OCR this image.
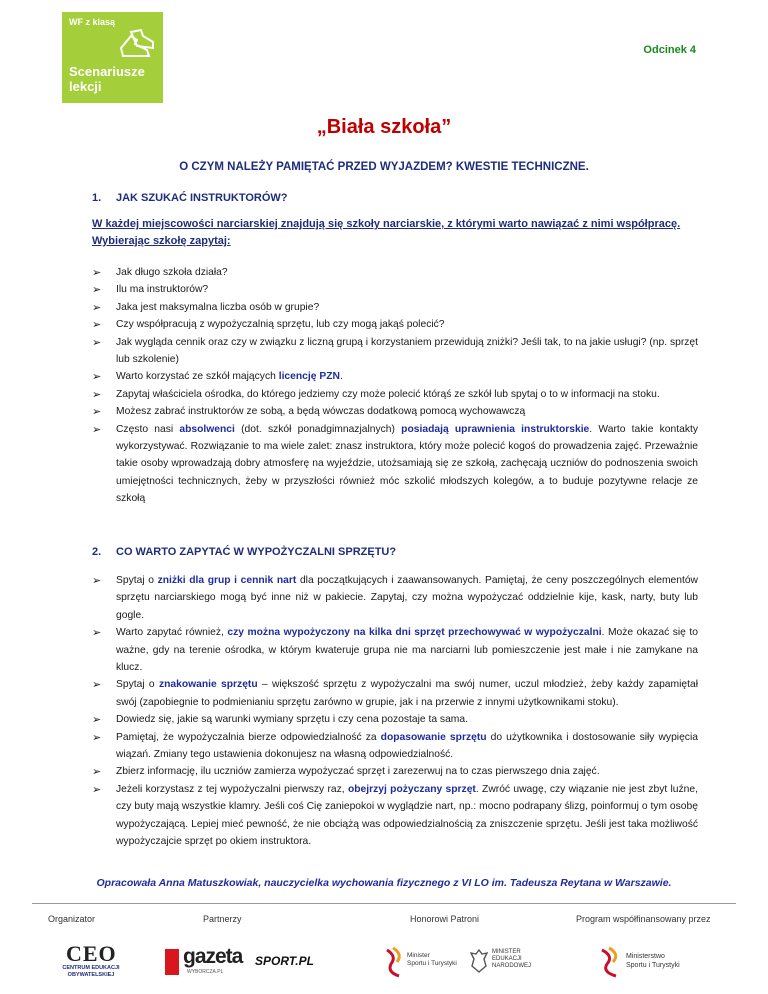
WF z klasą
Scenariusze
lekcji
Odcinek 4
„Biała szkoła”
O CZYM NALEŻY PAMIĘTAĆ PRZED WYJAZDEM? KWESTIE TECHNICZNE.
1. JAK SZUKAĆ INSTRUKTORÓW?
W każdej miejscowości narciarskiej znajdują się szkoły narciarskie, z którymi warto nawiązać z nimi współpracę. Wybierając szkołę zapytaj:
➢ Jak długo szkoła działa?
➢ Ilu ma instruktorów?
➢ Jaka jest maksymalna liczba osób w grupie?
➢ Czy współpracują z wypożyczalnią sprzętu, lub czy mogą jakąś polecić?
➢ Jak wygląda cennik oraz czy w związku z liczną grupą i korzystaniem przewidują zniżki? Jeśli tak, to na jakie usługi? (np. sprzęt lub szkolenie)
➢ Warto korzystać ze szkół mających licencję PZN.
➢ Zapytaj właściciela ośrodka, do którego jedziemy czy może polecić którąś ze szkół lub spytaj o to w informacji na stoku.
➢ Możesz zabrać instruktorów ze sobą, a będą wówczas dodatkową pomocą wychowawczą
➢ Często nasi absolwenci (dot. szkół ponadgimnazjalnych) posiadają uprawnienia instruktorskie. Warto takie kontakty wykorzystywać. Rozwiązanie to ma wiele zalet: znasz instruktora, który może polecić kogoś do prowadzenia zajęć. Przeważnie takie osoby wprowadzają dobry atmosferę na wyjeździe, utożsamiają się ze szkołą, zachęcają uczniów do podnoszenia swoich umiejętności technicznych, żeby w przyszłości również móc szkolić młodszych kolegów, a to buduje pozytywne relacje ze szkołą
2. CO WARTO ZAPYTAĆ W WYPOŻYCZALNI SPRZĘTU?
➢ Spytaj o zniżki dla grup i cennik nart dla początkujących i zaawansowanych. Pamiętaj, że ceny poszczególnych elementów sprzętu narciarskiego mogą być inne niż w pakiecie. Zapytaj, czy można wypożyczać oddzielnie kije, kask, narty, buty lub gogle.
➢ Warto zapytać również, czy można wypożyczony na kilka dni sprzęt przechowywać w wypożyczalni. Może okazać się to ważne, gdy na terenie ośrodka, w którym kwateruje grupa nie ma narciarni lub pomieszczenie jest małe i nie zamykane na klucz.
➢ Spytaj o znakowanie sprzętu – większość sprzętu z wypożyczalni ma swój numer, uczul młodzież, żeby każdy zapamiętał swój (zapobiegnie to podmienianiu sprzętu zarówno w grupie, jak i na przerwie z innymi użytkownikami stoku).
➢ Dowiedz się, jakie są warunki wymiany sprzętu i czy cena pozostaje ta sama.
➢ Pamiętaj, że wypożyczalnia bierze odpowiedzialność za dopasowanie sprzętu do użytkownika i dostosowanie siły wypięcia wiązań. Zmiany tego ustawienia dokonujesz na własną odpowiedzialność.
➢ Zbierz informację, ilu uczniów zamierza wypożyczać sprzęt i zarezerwuj na to czas pierwszego dnia zajęć.
➢ Jeżeli korzystasz z tej wypożyczalni pierwszy raz, obejrzyj pożyczany sprzęt. Zwróć uwagę, czy wiązanie nie jest zbyt luźne, czy buty mają wszystkie klamry. Jeśli coś Cię zaniepokoi w wyglądzie nart, np.: mocno podrapany ślizg, poinformuj o tym osobę wypożyczającą. Lepiej mieć pewność, że nie obciążą was odpowiedzialnością za zniszczenie sprzętu. Jeśli jest taka możliwość wypożyczajcie sprzęt po okiem instruktora.
Opracowała Anna Matuszkowiak, nauczycielka wychowania fizycznego z VI LO im. Tadeusza Reytana w Warszawie.
Organizator	Partnerzy	Honorowi Patroni	Program współfinansowany przez
CEO
CENTRUM EDUKACJI OBYWATELSKIEJ
gazeta
WYBORCZA.PL
SPORT.PL	Minister
Sportu i Turystyki
MINISTER
EDUKACJI
NARODOWEJ
Ministerstwo
Sportu i Turystyki
